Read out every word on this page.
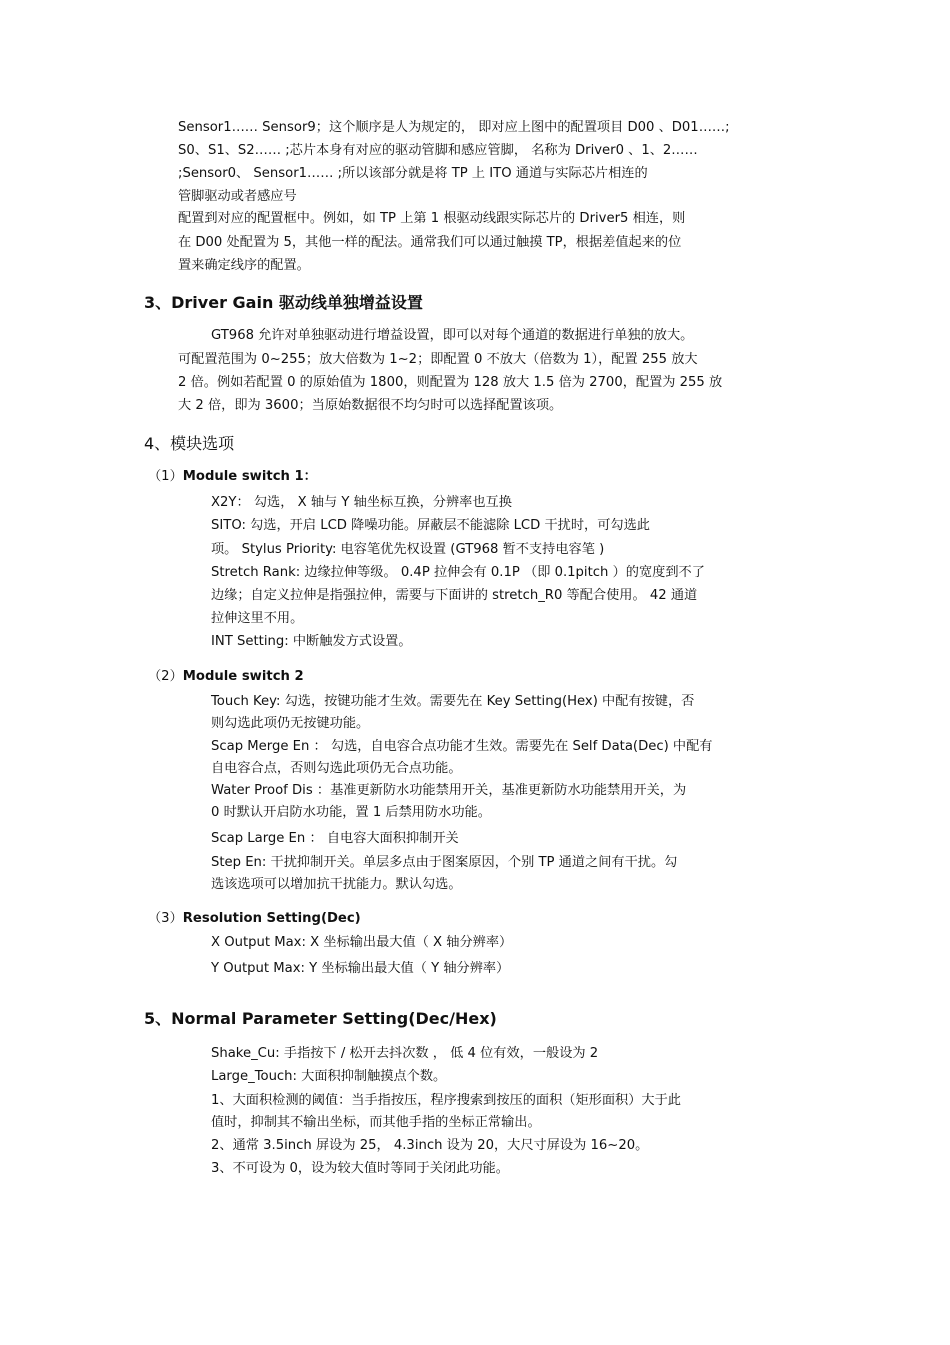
Sensor1…… Sensor9；这个顺序是人为规定的， 即对应上图中的配置项目 D00 、D01……;
S0、S1、S2…… ;芯片本身有对应的驱动管脚和感应管脚， 名称为 Driver0 、1、2……
;Sensor0、 Sensor1…… ;所以该部分就是将 TP 上 ITO 通道与实际芯片相连的
管脚驱动或者感应号
配置到对应的配置框中。例如，如 TP 上第 1 根驱动线跟实际芯片的 Driver5 相连，则
在 D00 处配置为 5，其他一样的配法。通常我们可以通过触摸 TP，根据差值起来的位
置来确定线序的配置。
3、Driver Gain 驱动线单独增益设置
GT968 允许对单独驱动进行增益设置，即可以对每个通道的数据进行单独的放大。
可配置范围为 0~255；放大倍数为 1~2；即配置 0 不放大（倍数为 1），配置 255 放大
2 倍。例如若配置 0 的原始值为 1800，则配置为 128 放大 1.5 倍为 2700，配置为 255 放
大 2 倍，即为 3600；当原始数据很不均匀时可以选择配置该项。
4、模块选项
（1）Module switch 1：
X2Y： 勾选， X 轴与 Y 轴坐标互换，分辨率也互换
SITO: 勾选，开启 LCD 降噪功能。屏蔽层不能滤除 LCD 干扰时，可勾选此
项。 Stylus Priority: 电容笔优先权设置 (GT968 暂不支持电容笔 )
Stretch Rank: 边缘拉伸等级。 0.4P 拉伸会有 0.1P （即 0.1pitch ）的宽度到不了
边缘；自定义拉伸是指强拉伸，需要与下面讲的 stretch_R0 等配合使用。 42 通道
拉伸这里不用。
INT Setting: 中断触发方式设置。
（2）Module switch 2
Touch Key: 勾选，按键功能才生效。需要先在 Key Setting(Hex) 中配有按键，否
则勾选此项仍无按键功能。
Scap Merge En ： 勾选，自电容合点功能才生效。需要先在 Self Data(Dec) 中配有
自电容合点，否则勾选此项仍无合点功能。
Water Proof Dis ：基准更新防水功能禁用开关，基准更新防水功能禁用开关，为
0 时默认开启防水功能，置 1 后禁用防水功能。
Scap Large En ： 自电容大面积抑制开关
Step En: 干扰抑制开关。单层多点由于图案原因，个别 TP 通道之间有干扰。勾
选该选项可以增加抗干扰能力。默认勾选。
（3）Resolution Setting(Dec)
X Output Max: X 坐标输出最大值（ X 轴分辨率）
Y Output Max: Y 坐标输出最大值（ Y 轴分辨率）
5、Normal Parameter Setting(Dec/Hex)
Shake_Cu: 手指按下 / 松开去抖次数 ， 低 4 位有效，一般设为 2
Large_Touch: 大面积抑制触摸点个数。
1、大面积检测的阈值：当手指按压，程序搜索到按压的面积（矩形面积）大于此
值时，抑制其不输出坐标，而其他手指的坐标正常输出。
2、通常 3.5inch 屏设为 25， 4.3inch 设为 20，大尺寸屏设为 16~20。
3、不可设为 0，设为较大值时等同于关闭此功能。
